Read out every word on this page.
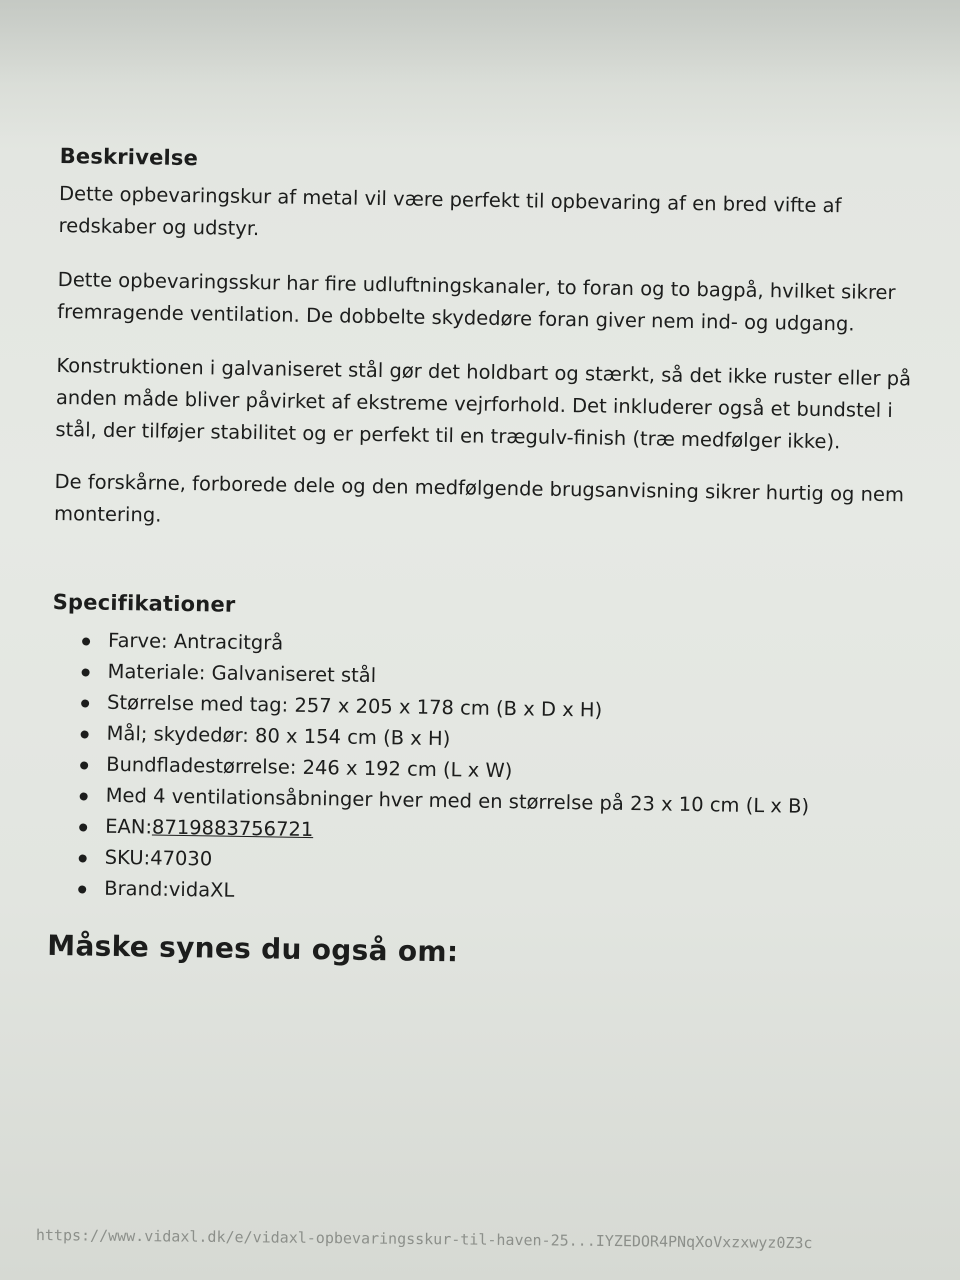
Beskrivelse

Dette opbevaringskur af metal vil være perfekt til opbevaring af en bred vifte af redskaber og udstyr.

Dette opbevaringsskur har fire udluftningskanaler, to foran og to bagpå, hvilket sikrer fremragende ventilation. De dobbelte skydedøre foran giver nem ind- og udgang.

Konstruktionen i galvaniseret stål gør det holdbart og stærkt, så det ikke ruster eller på anden måde bliver påvirket af ekstreme vejrforhold. Det inkluderer også et bundstel i stål, der tilføjer stabilitet og er perfekt til en trægulv-finish (træ medfølger ikke).

De forskårne, forborede dele og den medfølgende brugsanvisning sikrer hurtig og nem montering.

Specifikationer
Farve: Antracitgrå
Materiale: Galvaniseret stål
Størrelse med tag: 257 x 205 x 178 cm (B x D x H)
Mål; skydedør: 80 x 154 cm (B x H)
Bundfladestørrelse: 246 x 192 cm (L x W)
Med 4 ventilationsåbninger hver med en størrelse på 23 x 10 cm (L x B)
EAN:8719883756721
SKU:47030
Brand:vidaXL
Måske synes du også om:
https://www.vidaxl.dk/e/vidaxl-opbevaringsskur-til-haven-25...IYZEDOR4PNqXoVxzxwyz0Z3c
